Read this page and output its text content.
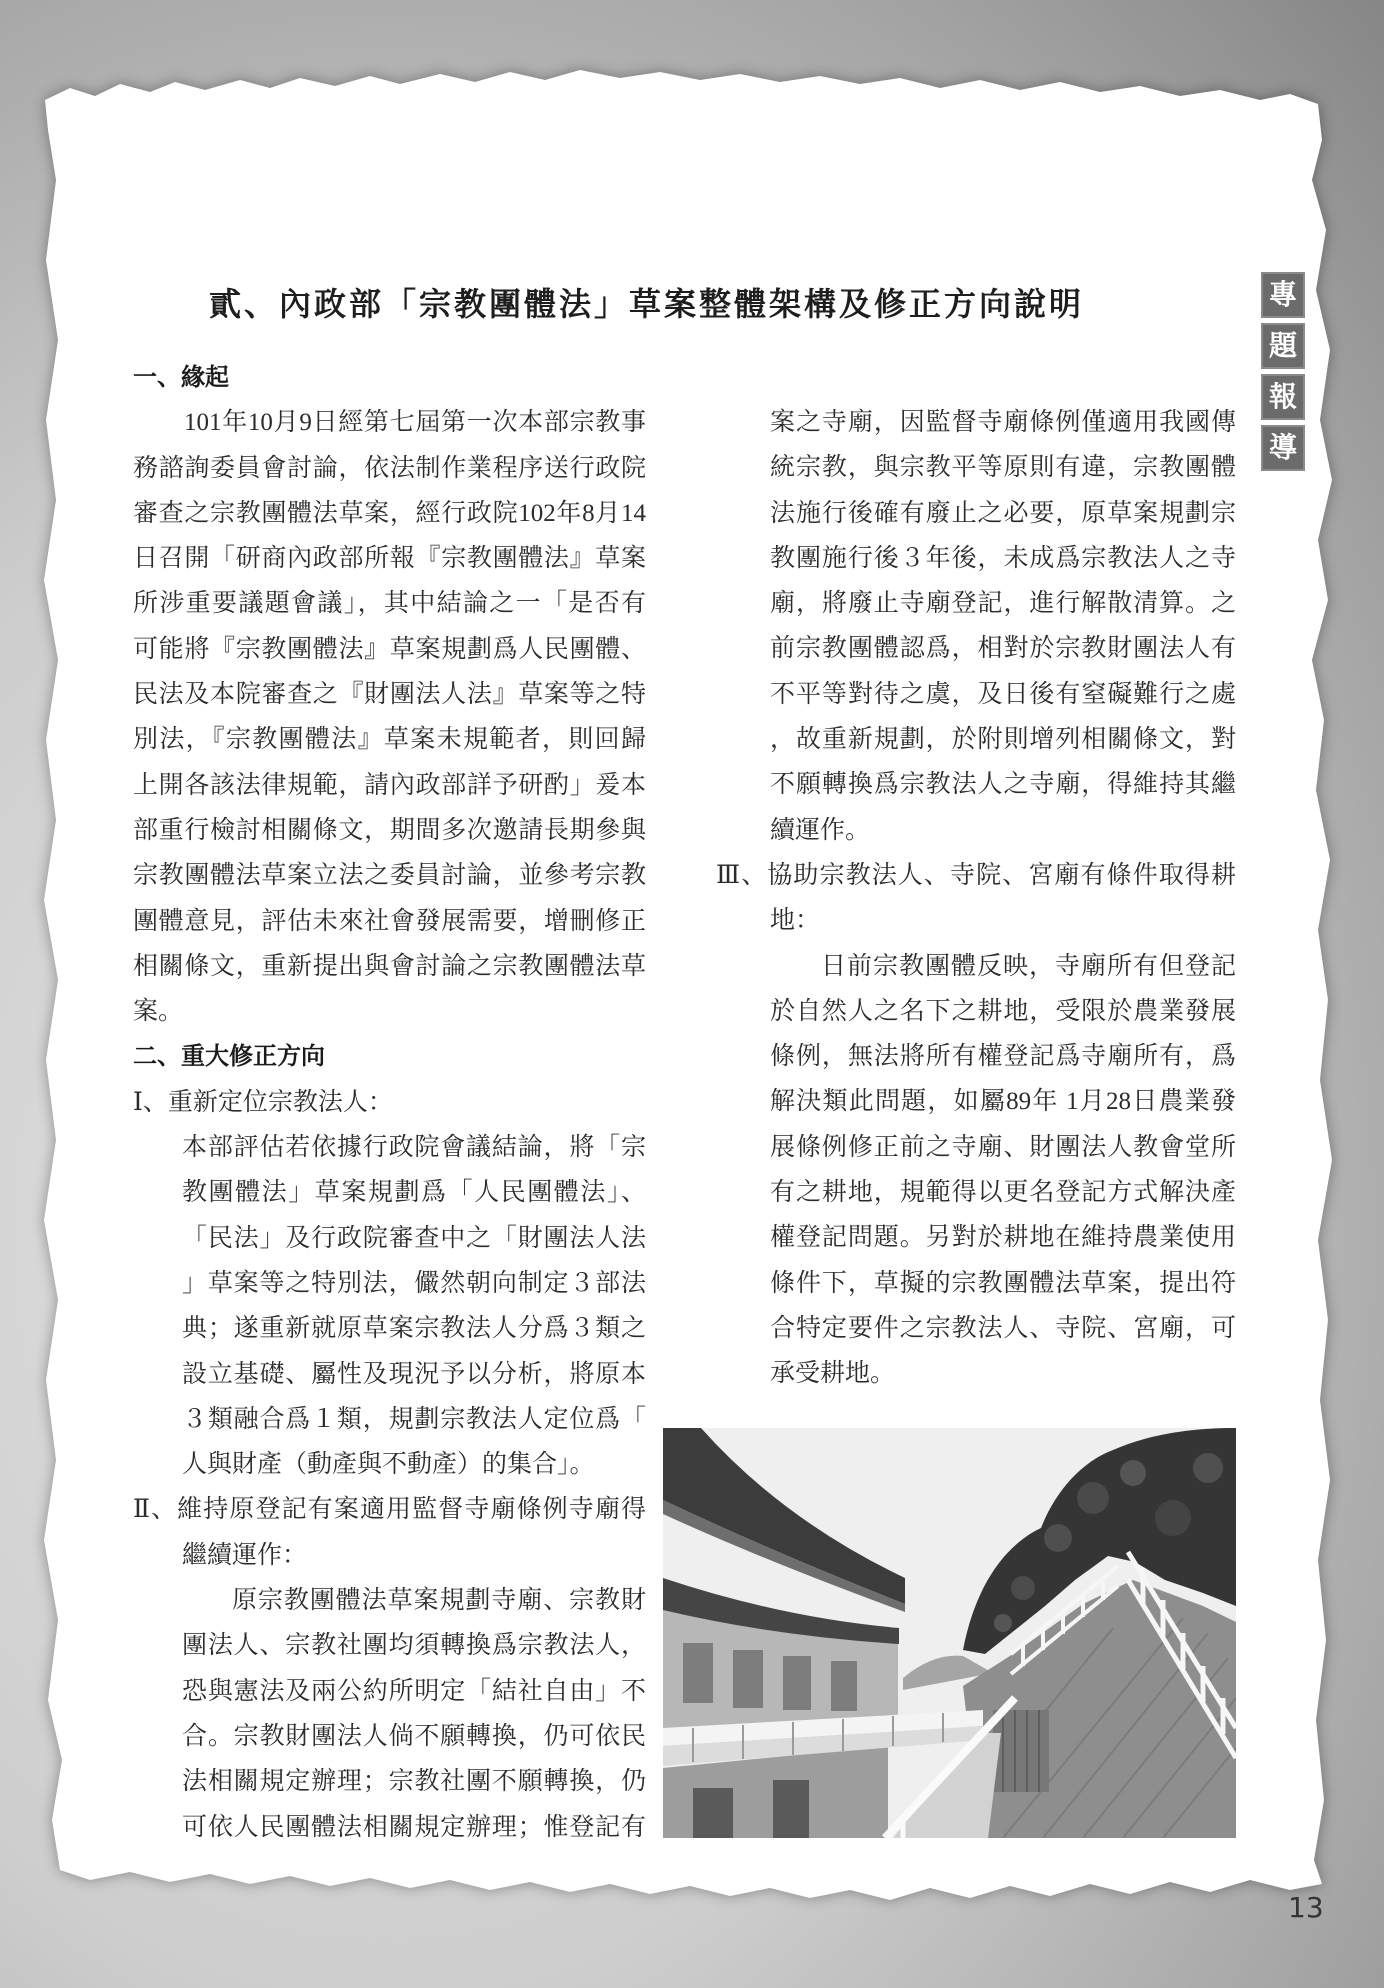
貳、內政部「宗教團體法」草案整體架構及修正方向說明	專
題
報
導
一、緣起
101年10月9日經第七屆第一次本部宗教事
務諮詢委員會討論，依法制作業程序送行政院
審查之宗教團體法草案，經行政院102年8月14
日召開「研商內政部所報『宗教團體法』草案
所涉重要議題會議」，其中結論之一「是否有
可能將『宗教團體法』草案規劃爲人民團體、
民法及本院審查之『財團法人法』草案等之特
別法，『宗教團體法』草案未規範者，則回歸
上開各該法律規範，請內政部詳予研酌」爰本
部重行檢討相關條文，期間多次邀請長期參與
宗教團體法草案立法之委員討論，並參考宗教
團體意見，評估未來社會發展需要，增刪修正
相關條文，重新提出與會討論之宗教團體法草
案。
二、重大修正方向
Ⅰ、重新定位宗教法人：
本部評估若依據行政院會議結論，將「宗
教團體法」草案規劃爲「人民團體法」、
「民法」及行政院審查中之「財團法人法
」草案等之特別法，儼然朝向制定３部法
典；遂重新就原草案宗教法人分爲３類之
設立基礎、屬性及現況予以分析，將原本
３類融合爲１類，規劃宗教法人定位爲「
人與財產（動產與不動產）的集合」。
Ⅱ、維持原登記有案適用監督寺廟條例寺廟得
繼續運作：
原宗教團體法草案規劃寺廟、宗教財
團法人、宗教社團均須轉換爲宗教法人，
恐與憲法及兩公約所明定「結社自由」不
合。宗教財團法人倘不願轉換，仍可依民
法相關規定辦理；宗教社團不願轉換，仍
可依人民團體法相關規定辦理；惟登記有
案之寺廟，因監督寺廟條例僅適用我國傳
統宗教，與宗教平等原則有違，宗教團體
法施行後確有廢止之必要，原草案規劃宗
教團施行後３年後，未成爲宗教法人之寺
廟，將廢止寺廟登記，進行解散清算。之
前宗教團體認爲，相對於宗教財團法人有
不平等對待之虞，及日後有窒礙難行之處
，故重新規劃，於附則增列相關條文，對
不願轉換爲宗教法人之寺廟，得維持其繼
續運作。
Ⅲ、協助宗教法人、寺院、宮廟有條件取得耕
地：
日前宗教團體反映，寺廟所有但登記
於自然人之名下之耕地，受限於農業發展
條例，無法將所有權登記爲寺廟所有，爲
解決類此問題，如屬89年 1月28日農業發
展條例修正前之寺廟、財團法人教會堂所
有之耕地，規範得以更名登記方式解決產
權登記問題。另對於耕地在維持農業使用
條件下，草擬的宗教團體法草案，提出符
合特定要件之宗教法人、寺院、宮廟，可
承受耕地。
13
